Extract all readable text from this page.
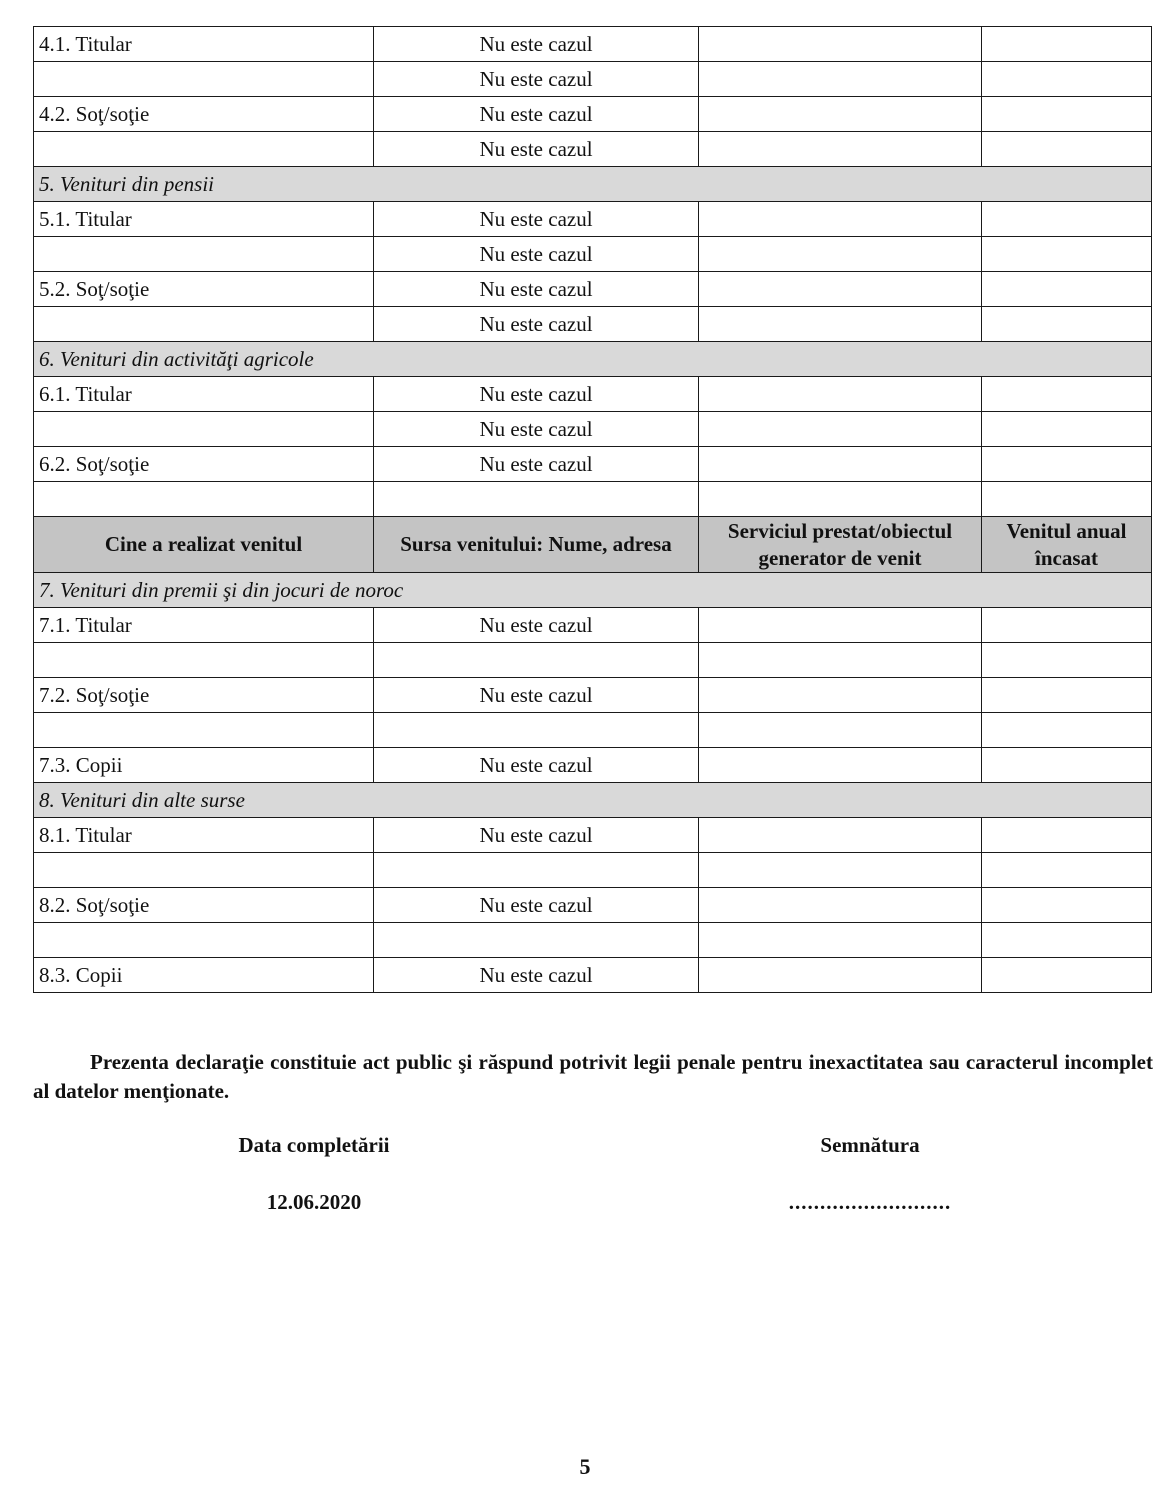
4.1. Titular	Nu este cazul		
	Nu este cazul		
4.2. Soţ/soţie	Nu este cazul		
	Nu este cazul		
5. Venituri din pensii			
5.1. Titular	Nu este cazul		
	Nu este cazul		
5.2. Soţ/soţie	Nu este cazul		
	Nu este cazul		
6. Venituri din activităţi agricole			
6.1. Titular	Nu este cazul		
	Nu este cazul		
6.2. Soţ/soţie	Nu este cazul		

Cine a realizat venitul	Sursa venitului: Nume, adresa	Serviciul prestat/obiectul generator de venit	Venitul anual încasat
7. Venituri din premii şi din jocuri de noroc			
7.1. Titular	Nu este cazul		

7.2. Soţ/soţie	Nu este cazul		

7.3. Copii	Nu este cazul		
8. Venituri din alte surse			
8.1. Titular	Nu este cazul		

8.2. Soţ/soţie	Nu este cazul		

8.3. Copii	Nu este cazul		
Prezenta declaraţie constituie act public şi răspund potrivit legii penale pentru inexactitatea sau caracterul incomplet al datelor menţionate.
Data completării	Semnătura
12.06.2020	..........................
5
